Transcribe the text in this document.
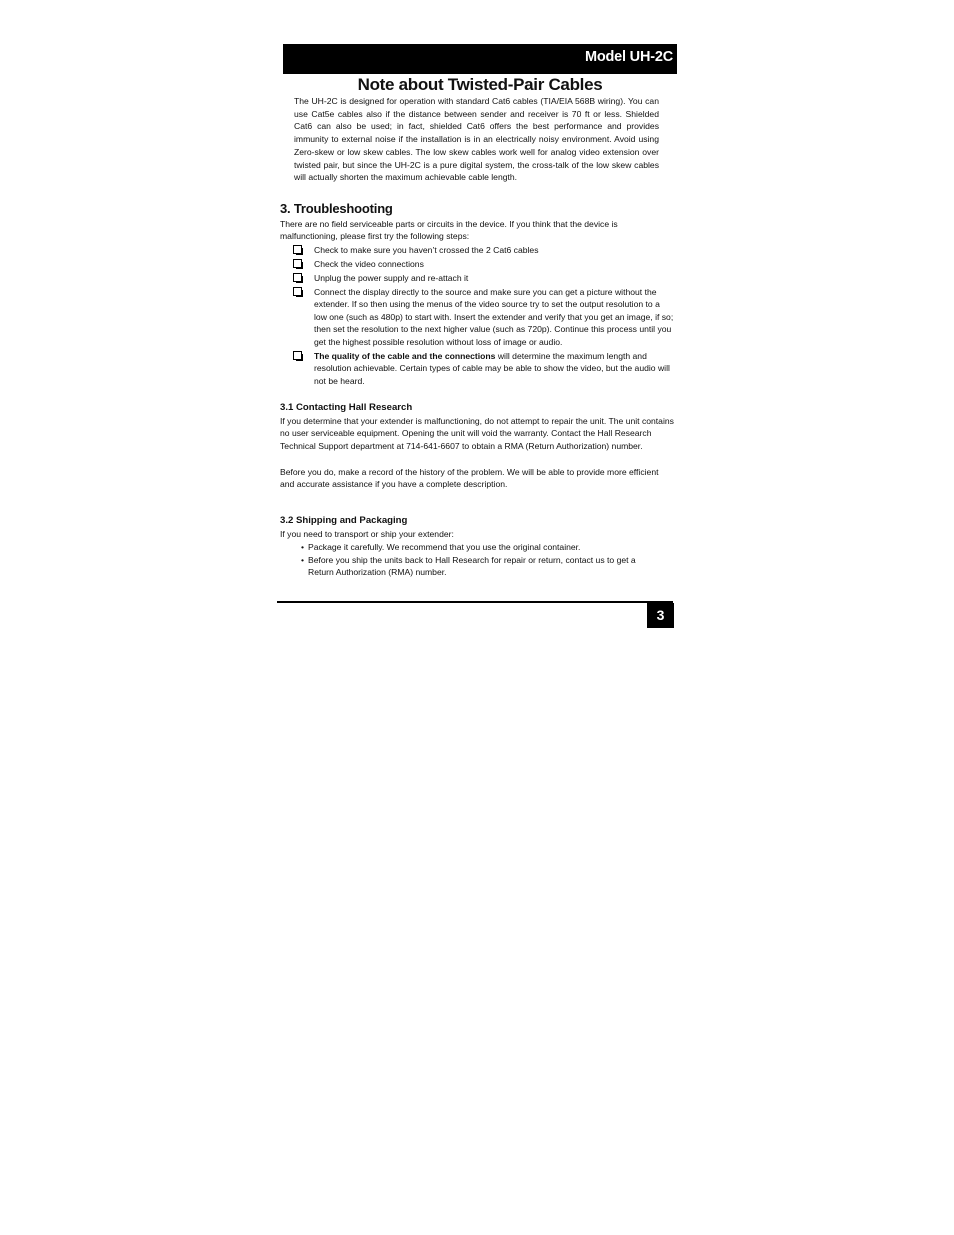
Model UH-2C
Note about Twisted-Pair Cables

The UH-2C is designed for operation with standard Cat6 cables (TIA/EIA 568B wiring). You can use Cat5e cables also if the distance between sender and receiver is 70 ft or less. Shielded Cat6 can also be used; in fact, shielded Cat6 offers the best performance and provides immunity to external noise if the installation is in an electrically noisy environment. Avoid using Zero-skew or low skew cables. The low skew cables work well for analog video extension over twisted pair, but since the UH-2C is a pure digital system, the cross-talk of the low skew cables will actually shorten the maximum achievable cable length.

3. Troubleshooting

There are no field serviceable parts or circuits in the device. If you think that the device is malfunctioning, please first try the following steps:

Check to make sure you haven’t crossed the 2 Cat6 cables
Check the video connections
Unplug the power supply and re-attach it
Connect the display directly to the source and make sure you can get a picture without the extender. If so then using the menus of the video source try to set the output resolution to a low one (such as 480p) to start with. Insert the extender and verify that you get an image, if so; then set the resolution to the next higher value (such as 720p). Continue this process until you get the highest possible resolution without loss of image or audio.
The quality of the cable and the connections will determine the maximum length and resolution achievable. Certain types of cable may be able to show the video, but the audio will not be heard.
3.1 Contacting Hall Research

If you determine that your extender is malfunctioning, do not attempt to repair the unit. The unit contains no user serviceable equipment. Opening the unit will void the warranty. Contact the Hall Research Technical Support department at 714-641-6607 to obtain a RMA (Return Authorization) number.

Before you do, make a record of the history of the problem. We will be able to provide more efficient and accurate assistance if you have a complete description.

3.2 Shipping and Packaging

If you need to transport or ship your extender:

• Package it carefully. We recommend that you use the original container.
• Before you ship the units back to Hall Research for repair or return, contact us to get a Return Authorization (RMA) number.
3
